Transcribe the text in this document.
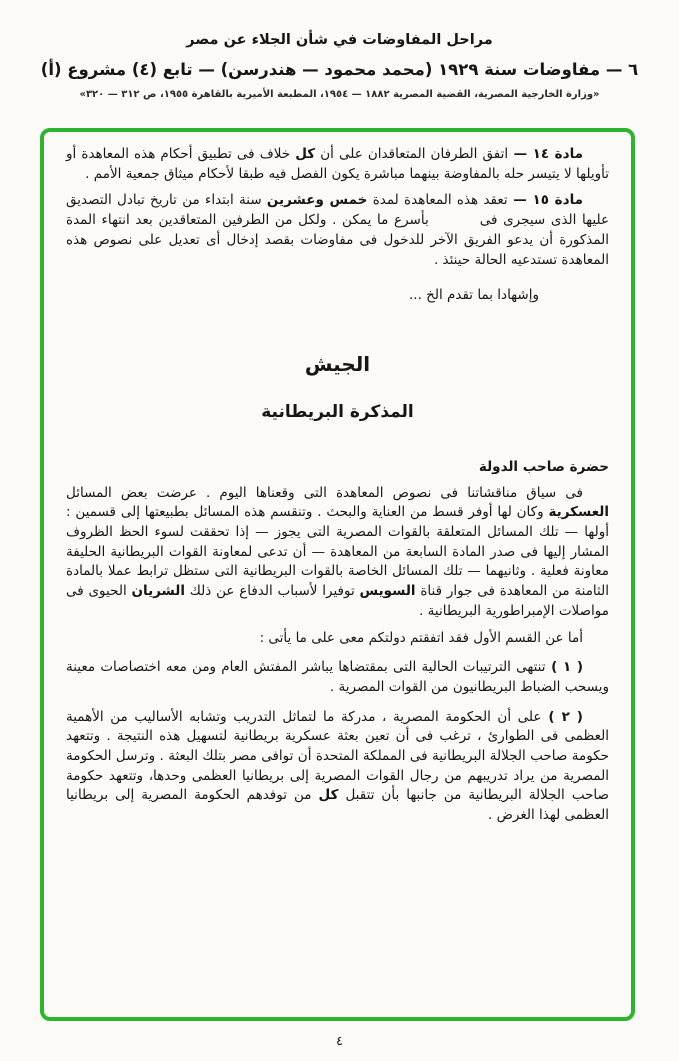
مراحل المفاوضات في شأن الجلاء عن مصر
٦ — مفاوضات سنة ١٩٢٩ (محمد محمود — هندرسن) — تابع (٤) مشروع (أ)
«وزارة الخارجية المصرية، القضية المصرية ١٨٨٢ — ١٩٥٤، المطبعة الأميرية بالقاهرة ١٩٥٥، ص ٣١٢ — ٣٢٠»

مادة ١٤ — اتفق الطرفان المتعاقدان على أن كل خلاف فى تطبيق أحكام هذه المعاهدة أو تأويلها لا يتيسر حله بالمفاوضة بينهما مباشرة يكون الفصل فيه طبقا لأحكام ميثاق جمعية الأمم .

مادة ١٥ — تعقد هذه المعاهدة لمدة خمس وعشرين سنة ابتداء من تاريخ تبادل التصديق عليها الذى سيجرى فى         بأسرع ما يمكن . ولكل من الطرفين المتعاقدين بعد انتهاء المدة المذكورة أن يدعو الفريق الآخر للدخول فى مفاوضات بقصد إدخال أى تعديل على نصوص هذه المعاهدة تستدعيه الحالة حينئذ .

وإشهادا بما تقدم الخ ...

الجيش
المذكرة البريطانية

حضرة صاحب الدولة

فى سياق مناقشاتنا فى نصوص المعاهدة التى وقعناها اليوم . عرضت بعض المسائل العسكرية وكان لها أوفر قسط من العناية والبحث . وتنقسم هذه المسائل بطبيعتها إلى قسمين : أولها — تلك المسائل المتعلقة بالقوات المصرية التى يجوز — إذا تحققت لسوء الحظ الظروف المشار إليها فى صدر المادة السابعة من المعاهدة — أن تدعى لمعاونة القوات البريطانية الحليفة معاونة فعلية . وثانيهما — تلك المسائل الخاصة بالقوات البريطانية التى ستظل ترابط عملا بالمادة الثامنة من المعاهدة فى جوار قناة السويس توفيرا لأسباب الدفاع عن ذلك الشريان الحيوى فى مواصلات الإمبراطورية البريطانية .

أما عن القسم الأول فقد اتفقتم دولتكم معى على ما يأتى :

( ١ ) تنتهى الترتيبات الحالية التى بمقتضاها يباشر المفتش العام ومن معه اختصاصات معينة ويسحب الضباط البريطانيون من القوات المصرية .

( ٢ ) على أن الحكومة المصرية ، مدركة ما لتماثل التدريب وتشابه الأساليب من الأهمية العظمى فى الطوارئ ، ترغب فى أن تعين بعثة عسكرية بريطانية لتسهيل هذه النتيجة . وتتعهد حكومة صاحب الجلالة البريطانية فى المملكة المتحدة أن توافى مصر بتلك البعثة . وترسل الحكومة المصرية من يراد تدريبهم من رجال القوات المصرية إلى بريطانيا العظمى وحدها، وتتعهد حكومة صاحب الجلالة البريطانية من جانبها بأن تتقبل كل من توفدهم الحكومة المصرية إلى بريطانيا العظمى لهذا الغرض .

٤
